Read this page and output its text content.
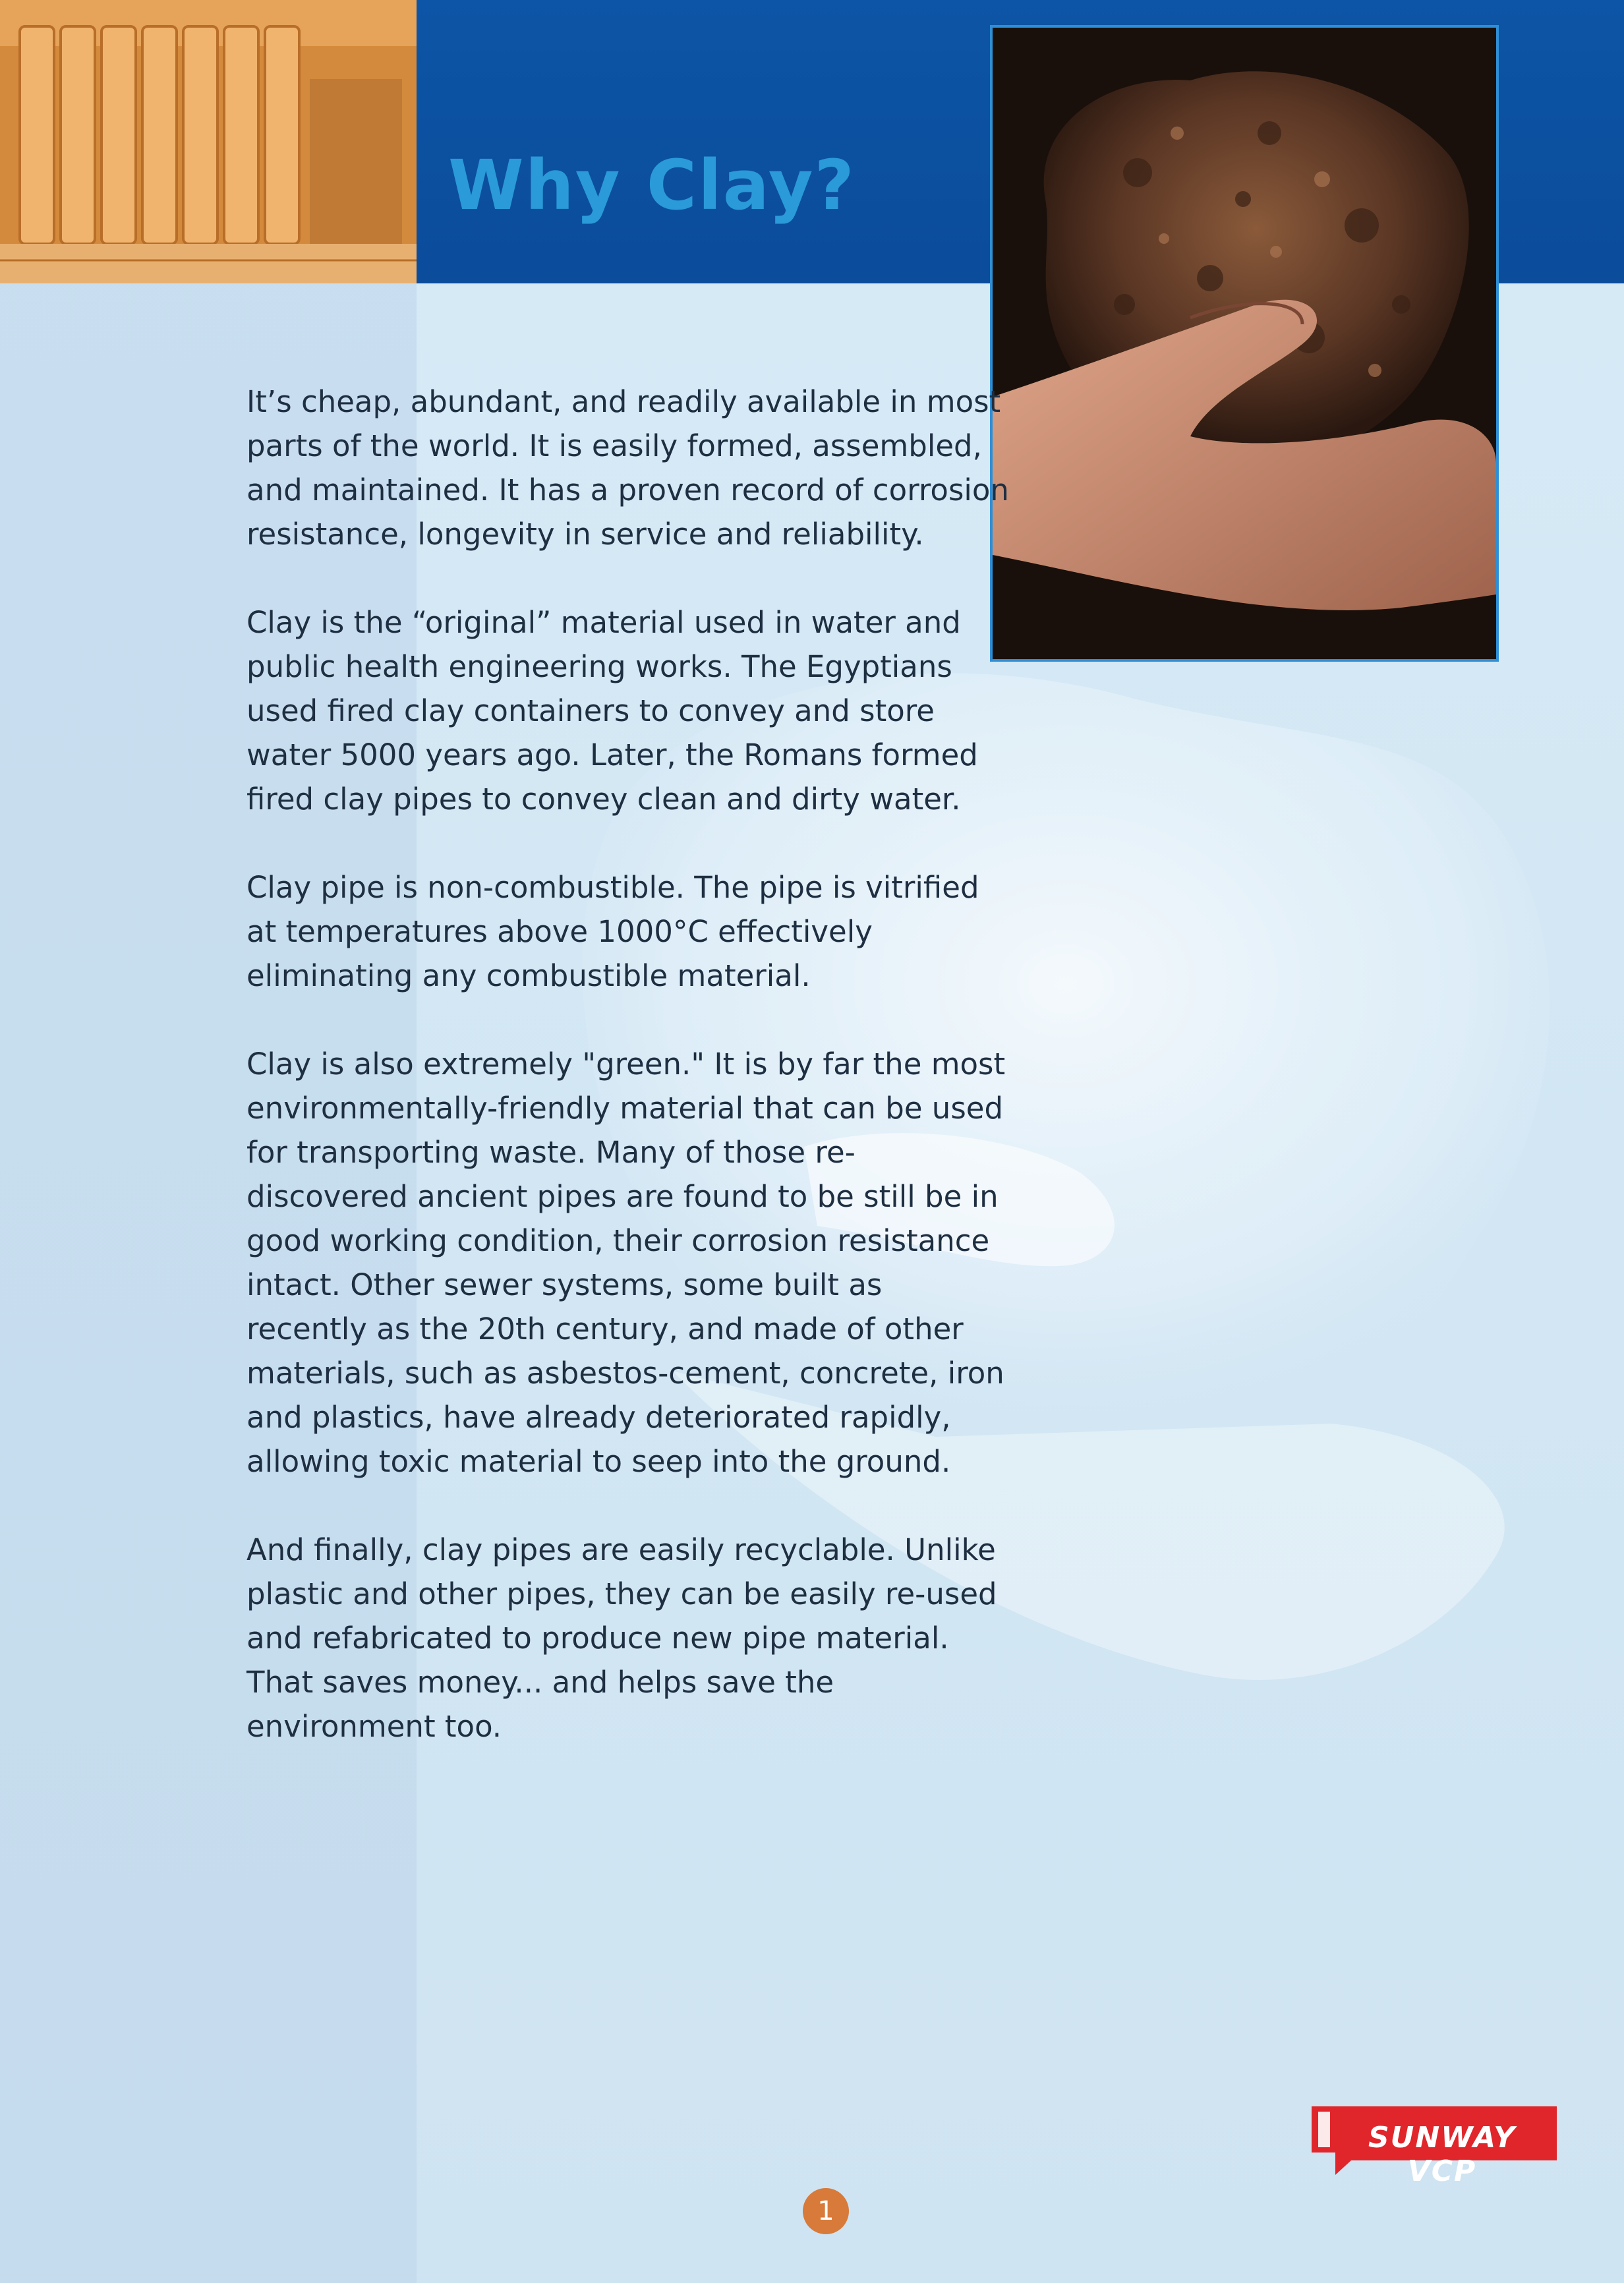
Why Clay?

It’s cheap, abundant, and readily available in most parts of the world. It is easily formed, assembled, and maintained. It has a proven record of corrosion resistance, longevity in service and reliability.

Clay is the “original” material used in water and public health engineering works. The Egyptians used fired clay containers to convey and store water 5000 years ago. Later, the Romans formed fired clay pipes to convey clean and dirty water.

Clay pipe is non-combustible. The pipe is vitrified at temperatures above 1000°C effectively eliminating any combustible material.

Clay is also extremely "green." It is by far the most environmentally-friendly material that can be used for transporting waste. Many of those re-discovered ancient pipes are found to be still be in good working condition, their corrosion resistance intact. Other sewer systems, some built as recently as the 20th century, and made of other materials, such as asbestos-cement, concrete, iron and plastics, have already deteriorated rapidly, allowing toxic material to seep into the ground.

And finally, clay pipes are easily recyclable. Unlike plastic and other pipes, they can be easily re-used and refabricated to produce new pipe material. That saves money... and helps save the environment too.

SUNWAY VCP
1
